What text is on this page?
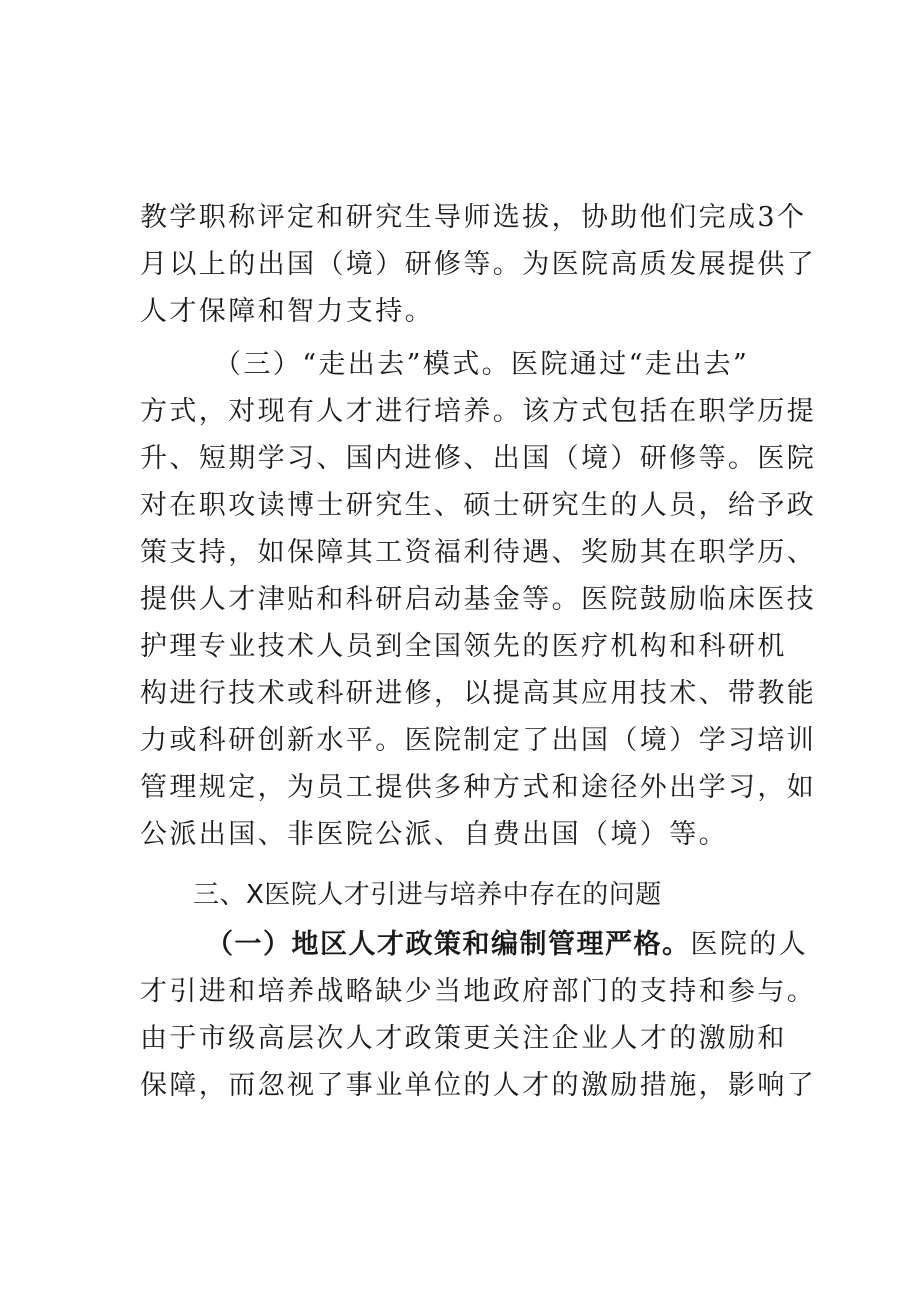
教学职称评定和研究生导师选拔，协助他们完成3个
月以上的出国（境）研修等。为医院高质发展提供了
人才保障和智力支持。
（三）“走出去”模式。医院通过“走出去”
方式，对现有人才进行培养。该方式包括在职学历提
升、短期学习、国内进修、出国（境）研修等。医院
对在职攻读博士研究生、硕士研究生的人员，给予政
策支持，如保障其工资福利待遇、奖励其在职学历、
提供人才津贴和科研启动基金等。医院鼓励临床医技
护理专业技术人员到全国领先的医疗机构和科研机
构进行技术或科研进修，以提高其应用技术、带教能
力或科研创新水平。医院制定了出国（境）学习培训
管理规定，为员工提供多种方式和途径外出学习，如
公派出国、非医院公派、自费出国（境）等。
三、X医院人才引进与培养中存在的问题
（一）地区人才政策和编制管理严格。医院的人
才引进和培养战略缺少当地政府部门的支持和参与。
由于市级高层次人才政策更关注企业人才的激励和
保障，而忽视了事业单位的人才的激励措施，影响了
